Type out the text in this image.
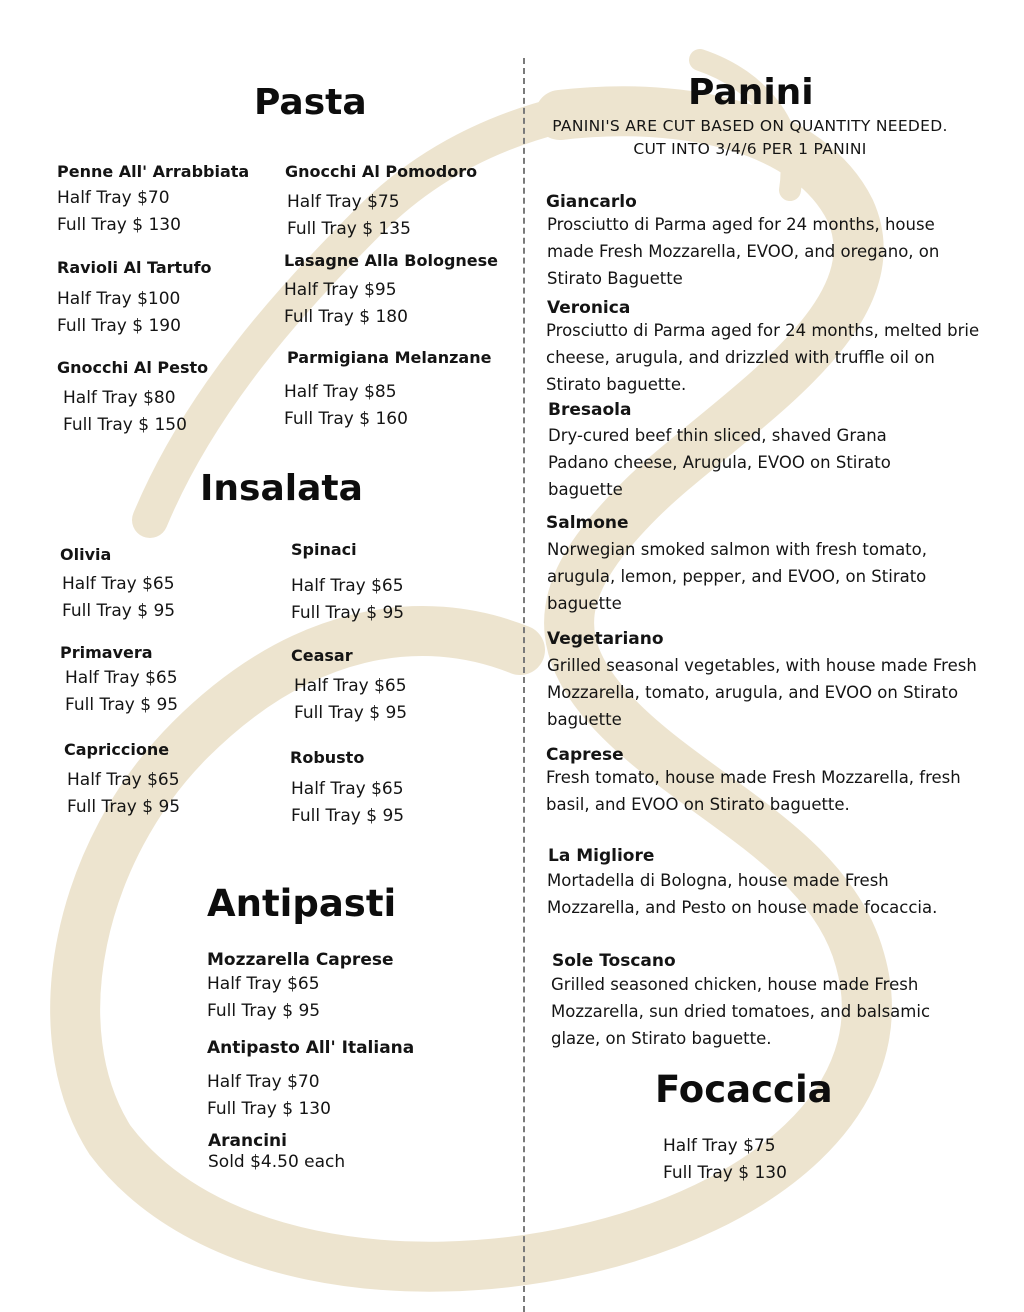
Pasta
Penne All' Arrabbiata
Half Tray $70
Full Tray $ 130
Ravioli Al Tartufo
Half Tray $100
Full Tray $ 190
Gnocchi Al Pesto
Half Tray $80
Full Tray $ 150
Gnocchi Al Pomodoro
Half Tray $75
Full Tray $ 135
Lasagne Alla Bolognese
Half Tray $95
Full Tray $ 180
Parmigiana Melanzane
Half Tray $85
Full Tray $ 160
Insalata
Olivia
Half Tray $65
Full Tray $ 95
Primavera
Half Tray $65
Full Tray $ 95
Capriccione
Half Tray $65
Full Tray $ 95
Spinaci
Half Tray $65
Full Tray $ 95
Ceasar
Half Tray $65
Full Tray $ 95
Robusto
Half Tray $65
Full Tray $ 95
Antipasti
Mozzarella Caprese
Half Tray $65
Full Tray $ 95
Antipasto All' Italiana
Half Tray $70
Full Tray $ 130
Arancini
Sold $4.50 each
Panini
PANINI'S ARE CUT BASED ON QUANTITY NEEDED. CUT INTO 3/4/6 PER 1 PANINI
Giancarlo
Prosciutto di Parma aged for 24 months, house made Fresh Mozzarella, EVOO, and oregano, on Stirato Baguette
Veronica
Prosciutto di Parma aged for 24 months, melted brie cheese, arugula, and drizzled with truffle oil on Stirato baguette.
Bresaola
Dry-cured beef thin sliced, shaved Grana Padano cheese, Arugula, EVOO on Stirato baguette
Salmone
Norwegian smoked salmon with fresh tomato, arugula, lemon, pepper, and EVOO, on Stirato baguette
Vegetariano
Grilled seasonal vegetables, with house made Fresh Mozzarella, tomato, arugula, and EVOO on Stirato baguette
Caprese
Fresh tomato, house made Fresh Mozzarella, fresh basil, and EVOO on Stirato baguette.
La Migliore
Mortadella di Bologna, house made Fresh Mozzarella, and Pesto on house made focaccia.
Sole Toscano
Grilled seasoned chicken, house made Fresh Mozzarella, sun dried tomatoes, and balsamic glaze, on Stirato baguette.
Focaccia
Half Tray $75
Full Tray $ 130
